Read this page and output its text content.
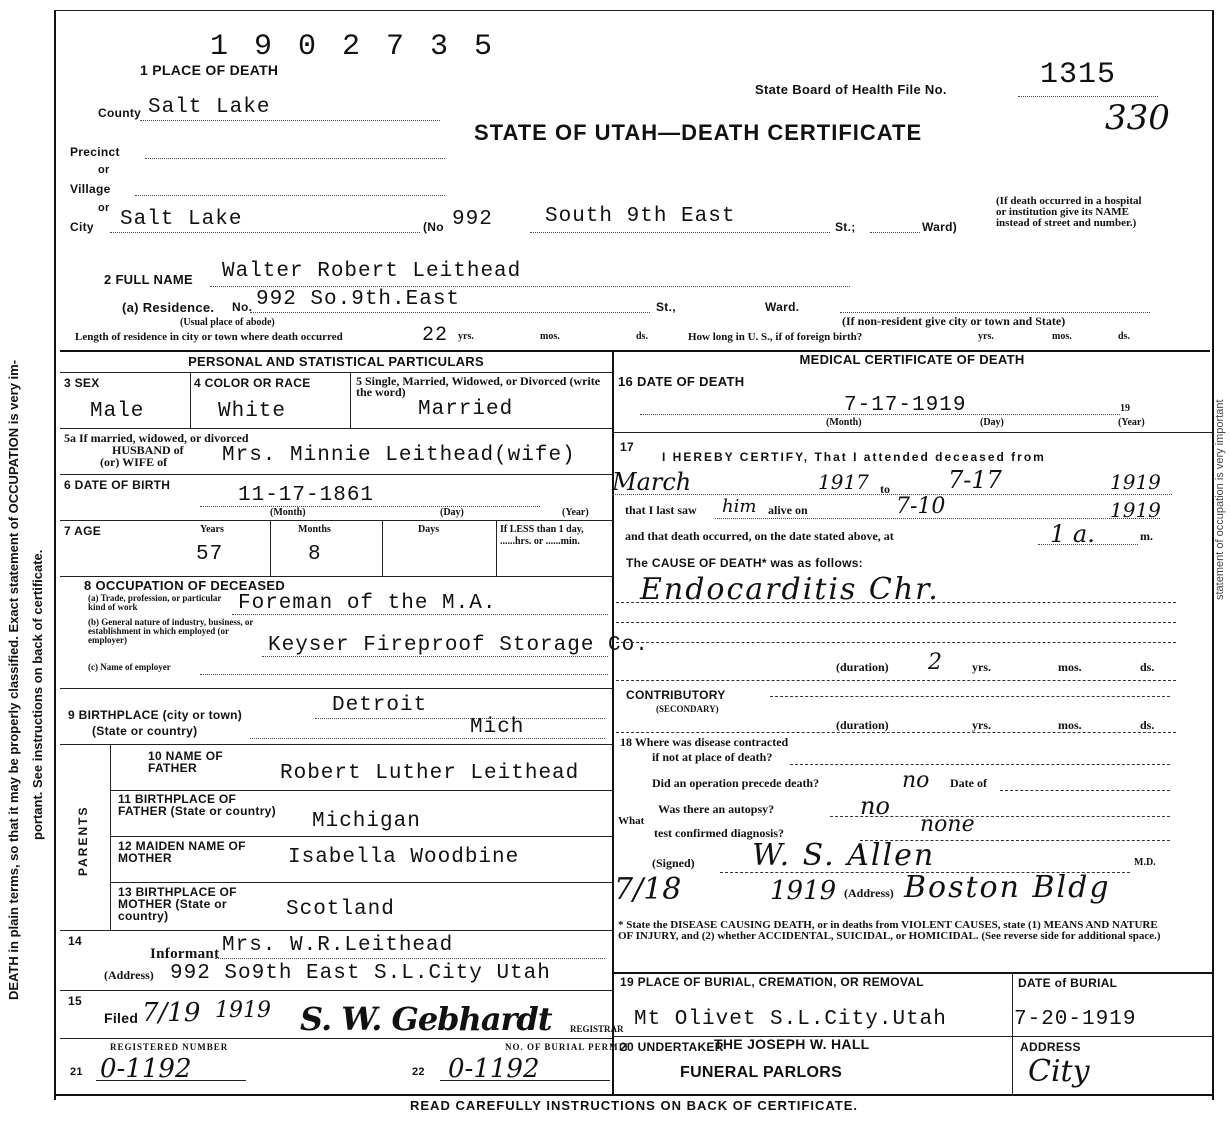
DEATH in plain terms, so that it may be properly classified. Exact statement of OCCUPATION is very im- portant. See instructions on back of certificate.
statement of occupation is very important
1 9 0 2 7 3 5
1 PLACE OF DEATH
State Board of Health File No.	1315
330
STATE OF UTAH—DEATH CERTIFICATE
County Salt Lake
Precinct
or
Village
or
City Salt Lake	(No 992 South 9th East	St.;	Ward)
(If death occurred in a hospital or institution give its NAME instead of street and number.)
2 FULL NAME Walter Robert Leithead
(a) Residence. No. 992 So.9th.East	St.,	Ward.
(Usual place of abode)	(If non-resident give city or town and State)
Length of residence in city or town where death occurred	22 yrs.	mos.	ds.	How long in U. S., if of foreign birth?	yrs.	mos.	ds.
PERSONAL AND STATISTICAL PARTICULARS	MEDICAL CERTIFICATE OF DEATH
3 SEX
Male
4 COLOR OR RACE
White
5 Single, Married, Widowed, or Divorced (write the word)
Married
5a If married, widowed, or divorced
HUSBAND of
(or) WIFE of	Mrs. Minnie Leithead(wife)
6 DATE OF BIRTH	11-17-1861
(Month)	(Day)	(Year)
7 AGE	Years
57
Months
8
Days	If LESS than 1 day, ......hrs. or ......min.
8 OCCUPATION OF DECEASED
(a) Trade, profession, or particular kind of work	Foreman of the M.A.
(b) General nature of industry, business, or establishment in which employed (or employer)	Keyser Fireproof Storage Co.
(c) Name of employer
9 BIRTHPLACE (city or town)	Detroit
(State or country)	Mich
PARENTS
10 NAME OF FATHER	Robert Luther Leithead
11 BIRTHPLACE OF FATHER (State or country)	Michigan
12 MAIDEN NAME OF MOTHER	Isabella Woodbine
13 BIRTHPLACE OF MOTHER (State or country)	Scotland
14
Informant Mrs. W.R.Leithead
(Address) 992 So9th East S.L.City Utah
15
Filed 7/19 1919 S. W. Gebhardt REGISTRAR
REGISTERED NUMBER	NO. OF BURIAL PERMIT
21 0-1192	22 0-1192
16 DATE OF DEATH
7-17-1919	19
(Month)	(Day)	(Year)
17
I HEREBY CERTIFY, That I attended deceased from
March	1917 to 7-17	1919
that I last saw him alive on	7-10	1919
and that death occurred, on the date stated above, at	1 a.	m.
The CAUSE OF DEATH* was as follows:
Endocarditis Chr.
(duration) 2	yrs.	mos.	ds.
CONTRIBUTORY
(SECONDARY)
(duration)	yrs.	mos.	ds.
18 Where was disease contracted
if not at place of death?
Did an operation precede death?	no Date of
Was there an autopsy?	no
What
test confirmed diagnosis?	none
(Signed) W. S. Allen	M.D.
7/18	1919 (Address) Boston Bldg
* State the DISEASE CAUSING DEATH, or in deaths from VIOLENT CAUSES, state (1) MEANS AND NATURE OF INJURY, and (2) whether ACCIDENTAL, SUICIDAL, or HOMICIDAL. (See reverse side for additional space.)
19 PLACE OF BURIAL, CREMATION, OR REMOVAL
Mt Olivet S.L.City.Utah
DATE of BURIAL
7-20-1919
20 UNDERTAKER
THE JOSEPH W. HALL
FUNERAL PARLORS
ADDRESS
City
READ CAREFULLY INSTRUCTIONS ON BACK OF CERTIFICATE.
